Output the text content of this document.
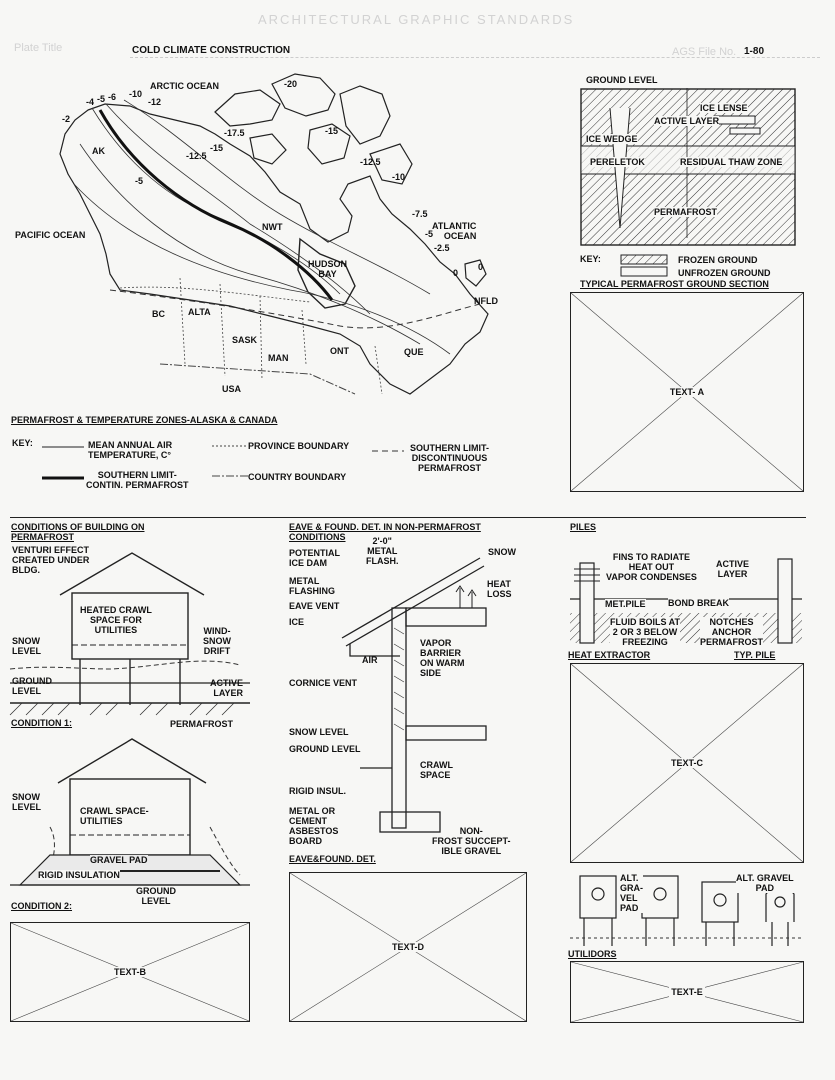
ARCHITECTURAL GRAPHIC STANDARDS
Plate Title	COLD CLIMATE CONSTRUCTION	AGS File No. 1-80
ARCTIC OCEAN
PACIFIC OCEAN
ATLANTIC
OCEAN
HUDSON
BAY
NWT
AK
BC	ALTA
SASK
MAN
ONT	QUE
NFLD
USA
-20
-4 -5 -6 -10
-12
-2
-15
-17.5
-15
-12.5
-5
-12.5
-10
-7.5
-5
-2.5
0
0
PERMAFROST & TEMPERATURE ZONES-ALASKA & CANADA
KEY:	MEAN ANNUAL AIR
TEMPERATURE, C°
SOUTHERN LIMIT-
CONTIN. PERMAFROST
PROVINCE BOUNDARY
COUNTRY BOUNDARY
SOUTHERN LIMIT-
DISCONTINUOUS
PERMAFROST
GROUND LEVEL
ICE LENSE
ACTIVE LAYER
ICE WEDGE
PERELETOK	RESIDUAL THAW ZONE
PERMAFROST
KEY:	FROZEN GROUND
UNFROZEN GROUND
TYPICAL PERMAFROST GROUND SECTION
TEXT- A
CONDITIONS OF BUILDING ON
PERMAFROST
VENTURI EFFECT
CREATED UNDER
BLDG.
HEATED CRAWL
SPACE FOR
UTILITIES	WIND-
SNOW
DRIFT
SNOW
LEVEL
GROUND
LEVEL
ACTIVE
LAYER
PERMAFROST
CONDITION 1:
SNOW
LEVEL	CRAWL SPACE-
UTILITIES
GRAVEL PAD
RIGID INSULATION
GROUND
LEVEL
CONDITION 2:
TEXT-B
EAVE & FOUND. DET. IN NON-PERMAFROST
CONDITIONS
POTENTIAL
ICE DAM
2'-0"
METAL
FLASH.
SNOW
METAL
FLASHING
HEAT
LOSS
EAVE VENT
ICE
VAPOR
BARRIER
ON WARM
SIDE
AIR
CORNICE VENT
SNOW LEVEL
GROUND LEVEL
CRAWL
SPACE
RIGID INSUL.
METAL OR
CEMENT
ASBESTOS
BOARD
NON-
FROST SUCCEPT-
IBLE GRAVEL
EAVE&FOUND. DET.
TEXT-D
PILES
FINS TO RADIATE
HEAT OUT
VAPOR CONDENSES
ACTIVE
LAYER
MET.PILE BOND BREAK
FLUID BOILS AT
2 OR 3 BELOW
FREEZING
NOTCHES
ANCHOR
PERMAFROST
HEAT EXTRACTOR	TYP. PILE
TEXT-C
ALT.
GRA-
VEL
PAD
ALT. GRAVEL
PAD
UTILIDORS
TEXT-E
